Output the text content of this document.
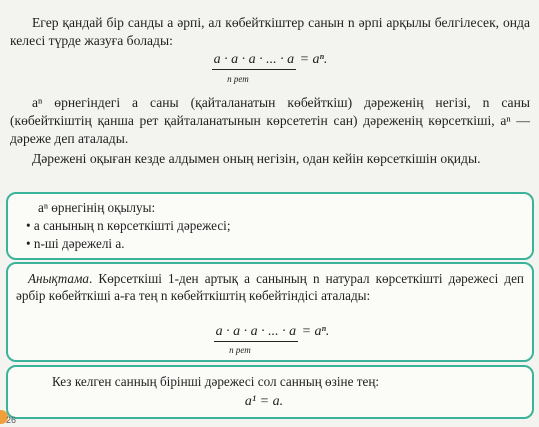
Егер қандай бір санды a әрпі, ал көбейткіштер санын n әрпі арқылы белгілесек, онда келесі түрде жазуға болады:

a · a · a · ... · a = aⁿ.
n рет

aⁿ өрнегіндегі a саны (қайталанатын көбейткіш) дәреженің негізі, n саны (көбейткіштің қанша рет қайталанатынын көрсететін сан) дәреженің көрсеткіші, aⁿ — дәреже деп аталады.

Дәрежені оқыған кезде алдымен оның негізін, одан кейін көрсеткішін оқиды.

aⁿ өрнегінің оқылуы:
• a санының n көрсеткішті дәрежесі;
• n-ші дәрежелі a.

Анықтама. Көрсеткіші 1-ден артық a санының n натурал көрсеткішті дәрежесі деп әрбір көбейткіші a-ға тең n көбейткіштің көбейтіндісі аталады:

a · a · a · ... · a = aⁿ.
n рет
Кез келген санның бірінші дәрежесі сол санның өзіне тең:
a¹ = a.
26
